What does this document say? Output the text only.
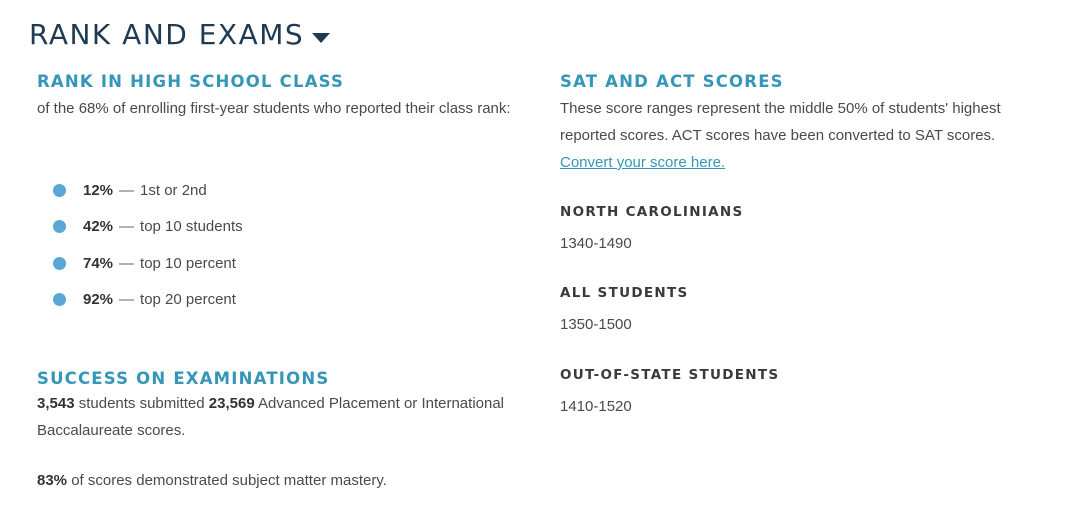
RANK AND EXAMS
RANK IN HIGH SCHOOL CLASS

of the 68% of enrolling first-year students who reported their class rank:

12% — 1st or 2nd
42% — top 10 students
74% — top 10 percent
92% — top 20 percent
SUCCESS ON EXAMINATIONS

3,543 students submitted 23,569 Advanced Placement or International Baccalaureate scores.

83% of scores demonstrated subject matter mastery.

SAT AND ACT SCORES

These score ranges represent the middle 50% of students' highest reported scores. ACT scores have been converted to SAT scores. Convert your score here.

NORTH CAROLINIANS

1340-1490

ALL STUDENTS

1350-1500

OUT-OF-STATE STUDENTS

1410-1520
